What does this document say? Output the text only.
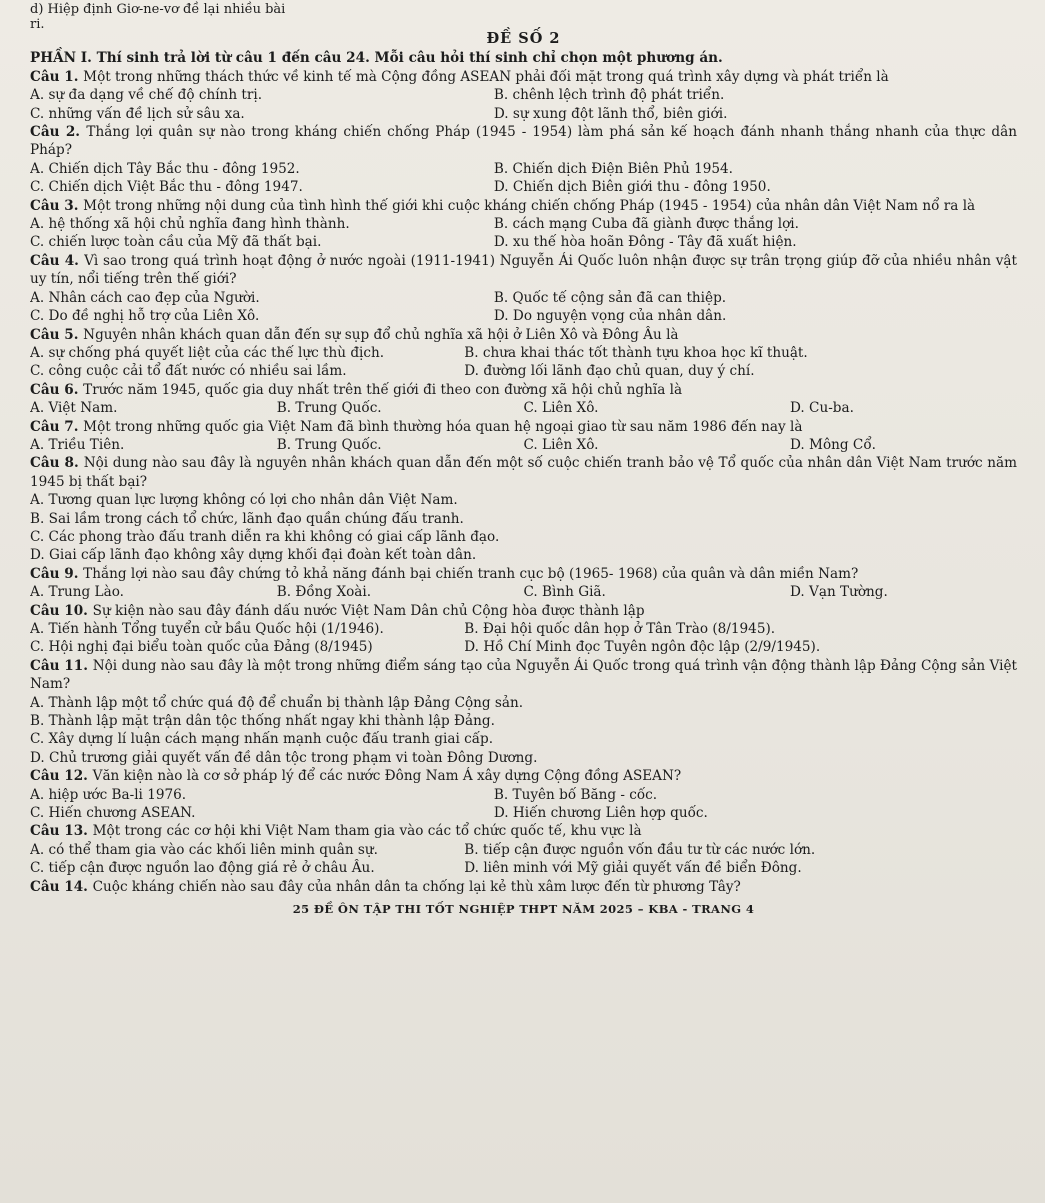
d) Hiệp định Giơ-ne-vơ đề lại nhiều bài
ri.
ĐỀ SỐ 2

PHẦN I. Thí sinh trả lời từ câu 1 đến câu 24. Mỗi câu hỏi thí sinh chỉ chọn một phương án.

Câu 1. Một trong những thách thức về kinh tế mà Cộng đồng ASEAN phải đối mặt trong quá trình xây dựng và phát triển là

A. sự đa dạng về chế độ chính trị.	B. chênh lệch trình độ phát triển.
C. những vấn đề lịch sử sâu xa.	D. sự xung đột lãnh thổ, biên giới.

Câu 2. Thắng lợi quân sự nào trong kháng chiến chống Pháp (1945 - 1954) làm phá sản kế hoạch đánh nhanh thắng nhanh của thực dân Pháp?

A. Chiến dịch Tây Bắc thu - đông 1952.	B. Chiến dịch Điện Biên Phủ 1954.
C. Chiến dịch Việt Bắc thu - đông 1947.	D. Chiến dịch Biên giới thu - đông 1950.

Câu 3. Một trong những nội dung của tình hình thế giới khi cuộc kháng chiến chống Pháp (1945 - 1954) của nhân dân Việt Nam nổ ra là

A. hệ thống xã hội chủ nghĩa đang hình thành.	B. cách mạng Cuba đã giành được thắng lợi.
C. chiến lược toàn cầu của Mỹ đã thất bại.	D. xu thế hòa hoãn Đông - Tây đã xuất hiện.

Câu 4. Vì sao trong quá trình hoạt động ở nước ngoài (1911-1941) Nguyễn Ái Quốc luôn nhận được sự trân trọng giúp đỡ của nhiều nhân vật uy tín, nổi tiếng trên thế giới?

A. Nhân cách cao đẹp của Người.	B. Quốc tế cộng sản đã can thiệp.
C. Do đề nghị hỗ trợ của Liên Xô.	D. Do nguyện vọng của nhân dân.

Câu 5. Nguyên nhân khách quan dẫn đến sự sụp đổ chủ nghĩa xã hội ở Liên Xô và Đông Âu là

A. sự chống phá quyết liệt của các thế lực thù địch.	B. chưa khai thác tốt thành tựu khoa học kĩ thuật.
C. công cuộc cải tổ đất nước có nhiều sai lầm.	D. đường lối lãnh đạo chủ quan, duy ý chí.

Câu 6. Trước năm 1945, quốc gia duy nhất trên thế giới đi theo con đường xã hội chủ nghĩa là

A. Việt Nam.	B. Trung Quốc.	C. Liên Xô.	D. Cu-ba.

Câu 7. Một trong những quốc gia Việt Nam đã bình thường hóa quan hệ ngoại giao từ sau năm 1986 đến nay là

A. Triều Tiên.	B. Trung Quốc.	C. Liên Xô.	D. Mông Cổ.

Câu 8. Nội dung nào sau đây là nguyên nhân khách quan dẫn đến một số cuộc chiến tranh bảo vệ Tổ quốc của nhân dân Việt Nam trước năm 1945 bị thất bại?

A. Tương quan lực lượng không có lợi cho nhân dân Việt Nam.
B. Sai lầm trong cách tổ chức, lãnh đạo quần chúng đấu tranh.
C. Các phong trào đấu tranh diễn ra khi không có giai cấp lãnh đạo.
D. Giai cấp lãnh đạo không xây dựng khối đại đoàn kết toàn dân.

Câu 9. Thắng lợi nào sau đây chứng tỏ khả năng đánh bại chiến tranh cục bộ (1965- 1968) của quân và dân miền Nam?

A. Trung Lào.	B. Đồng Xoài.	C. Bình Giã.	D. Vạn Tường.

Câu 10. Sự kiện nào sau đây đánh dấu nước Việt Nam Dân chủ Cộng hòa được thành lập

A. Tiến hành Tổng tuyển cử bầu Quốc hội (1/1946).	B. Đại hội quốc dân họp ở Tân Trào (8/1945).
C. Hội nghị đại biểu toàn quốc của Đảng (8/1945)	D. Hồ Chí Minh đọc Tuyên ngôn độc lập (2/9/1945).

Câu 11. Nội dung nào sau đây là một trong những điểm sáng tạo của Nguyễn Ái Quốc trong quá trình vận động thành lập Đảng Cộng sản Việt Nam?

A. Thành lập một tổ chức quá độ để chuẩn bị thành lập Đảng Cộng sản.
B. Thành lập mặt trận dân tộc thống nhất ngay khi thành lập Đảng.
C. Xây dựng lí luận cách mạng nhấn mạnh cuộc đấu tranh giai cấp.
D. Chủ trương giải quyết vấn đề dân tộc trong phạm vi toàn Đông Dương.

Câu 12. Văn kiện nào là cơ sở pháp lý để các nước Đông Nam Á xây dựng Cộng đồng ASEAN?

A. hiệp ước Ba-li 1976.	B. Tuyên bố Băng - cốc.
C. Hiến chương ASEAN.	D. Hiến chương Liên hợp quốc.

Câu 13. Một trong các cơ hội khi Việt Nam tham gia vào các tổ chức quốc tế, khu vực là

A. có thể tham gia vào các khối liên minh quân sự.	B. tiếp cận được nguồn vốn đầu tư từ các nước lớn.
C. tiếp cận được nguồn lao động giá rẻ ở châu Âu.	D. liên minh với Mỹ giải quyết vấn đề biển Đông.

Câu 14. Cuộc kháng chiến nào sau đây của nhân dân ta chống lại kẻ thù xâm lược đến từ phương Tây?

25 ĐỀ ÔN TẬP THI TỐT NGHIỆP THPT NĂM 2025 – KBA - TRANG 4
